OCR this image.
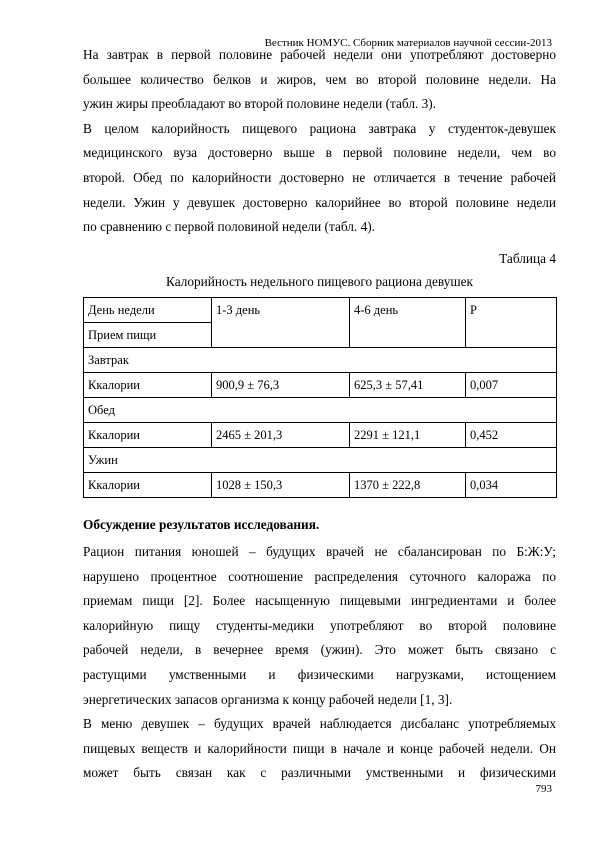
Вестник НОМУС. Сборник материалов научной сессии-2013

На завтрак в первой половине рабочей недели они употребляют достоверно

большее количество белков и жиров, чем во второй половине недели. На

ужин жиры преобладают во второй половине недели (табл. 3).

В целом калорийность пищевого рациона завтрака у студенток-девушек

медицинского вуза достоверно выше в первой половине недели, чем во

второй. Обед по калорийности достоверно не отличается в течение рабочей

недели. Ужин у девушек достоверно калорийнее во второй половине недели

по сравнению с первой половиной недели (табл. 4).

Таблица 4
Калорийность недельного пищевого рациона девушек
День недели	1-3 день	4-6 день	P
Прием пищи			
Завтрак			
Ккалории	900,9 ± 76,3	625,3 ± 57,41	0,007
Обед			
Ккалории	2465 ± 201,3	2291 ± 121,1	0,452
Ужин			
Ккалории	1028 ± 150,3	1370 ± 222,8	0,034
Обсуждение результатов исследования.

Рацион питания юношей – будущих врачей не сбалансирован по Б:Ж:У;

нарушено процентное соотношение распределения суточного калоража по

приемам пищи [2]. Более насыщенную пищевыми ингредиентами и более

калорийную пищу студенты-медики употребляют во второй половине

рабочей недели, в вечернее время (ужин). Это может быть связано с

растущими умственными и физическими нагрузками, истощением

энергетических запасов организма к концу рабочей недели [1, 3].

В меню девушек – будущих врачей наблюдается дисбаланс употребляемых

пищевых веществ и калорийности пищи в начале и конце рабочей недели. Он

может быть связан как с различными умственными и физическими

793
